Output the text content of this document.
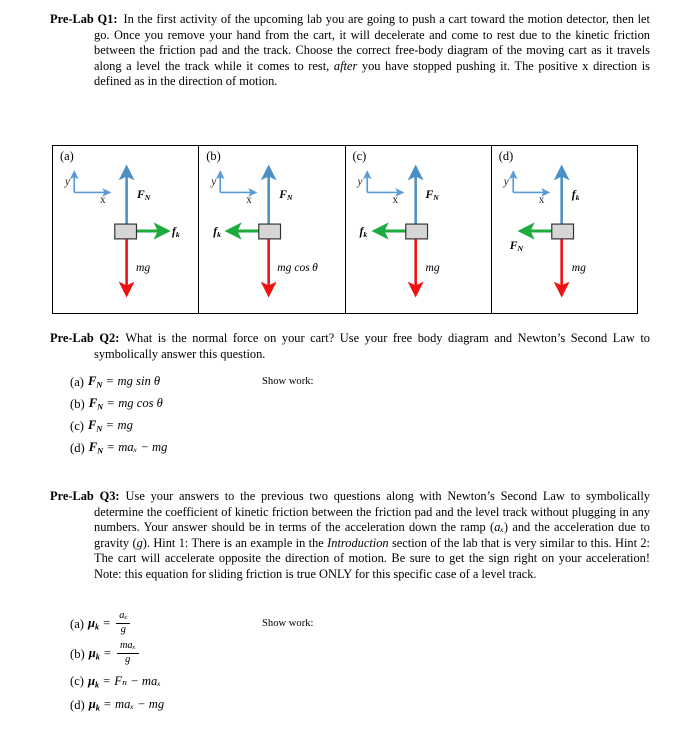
Pre-Lab Q1: In the first activity of the upcoming lab you are going to push a cart toward the motion detector, then let go. Once you remove your hand from the cart, it will decelerate and come to rest due to the kinetic friction between the friction pad and the track. Choose the correct free-body diagram of the moving cart as it travels along a level the track while it comes to rest, after you have stopped pushing it. The positive x direction is defined as in the direction of motion.

(a)
y
x	$F_N$
$f_k$
mg
(b)
y
x $F_N$
$f_k$
mg cos θ
(c)
y
x $F_N$
$f_k$
mg
(d)
y
x $f_k$
$F_N$
mg

Pre-Lab Q2: What is the normal force on your cart? Use your free body diagram and Newton’s Second Law to symbolically answer this question.

(a) $F_N$ = mg sin θ
(b) $F_N$ = mg cos θ
(c) $F_N$ = mg
(d) $F_N = ma_x$ − mg
Show work:

Pre-Lab Q3: Use your answers to the previous two questions along with Newton’s Second Law to symbolically determine the coefficient of kinetic friction between the friction pad and the level track without plugging in any numbers. Your answer should be in terms of the acceleration down the ramp (aₓ) and the acceleration due to gravity (g). Hint 1: There is an example in the Introduction section of the lab that is very similar to this. Hint 2: The cart will accelerate opposite the direction of motion. Be sure to get the sign right on your acceleration! Note: this equation for sliding friction is true ONLY for this specific case of a level track.

(a) $\mu_k = \frac{\text{aₓ}}{g}$
(b) $\mu_k = \frac{\text{maₓ}}{g}$
(c) $\mu_k = F_n - ma_x$
(d) $\mu_k = ma_x$ − mg
Show work:
